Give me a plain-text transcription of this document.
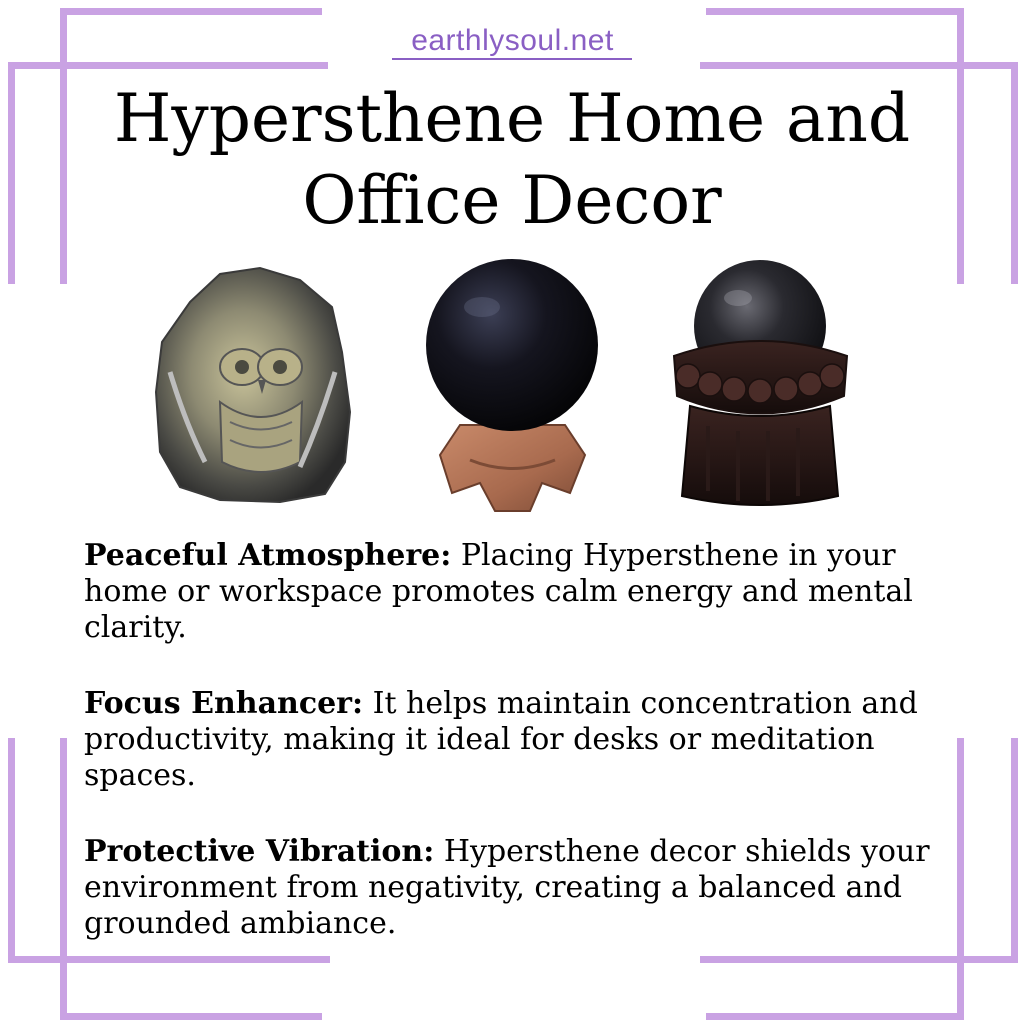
earthlysoul.net
Hypersthene Home and
Office Decor

Peaceful Atmosphere: Placing Hypersthene in your home or workspace promotes calm energy and mental clarity.

Focus Enhancer: It helps maintain concentration and productivity, making it ideal for desks or meditation spaces.

Protective Vibration: Hypersthene decor shields your environment from negativity, creating a balanced and grounded ambiance.
